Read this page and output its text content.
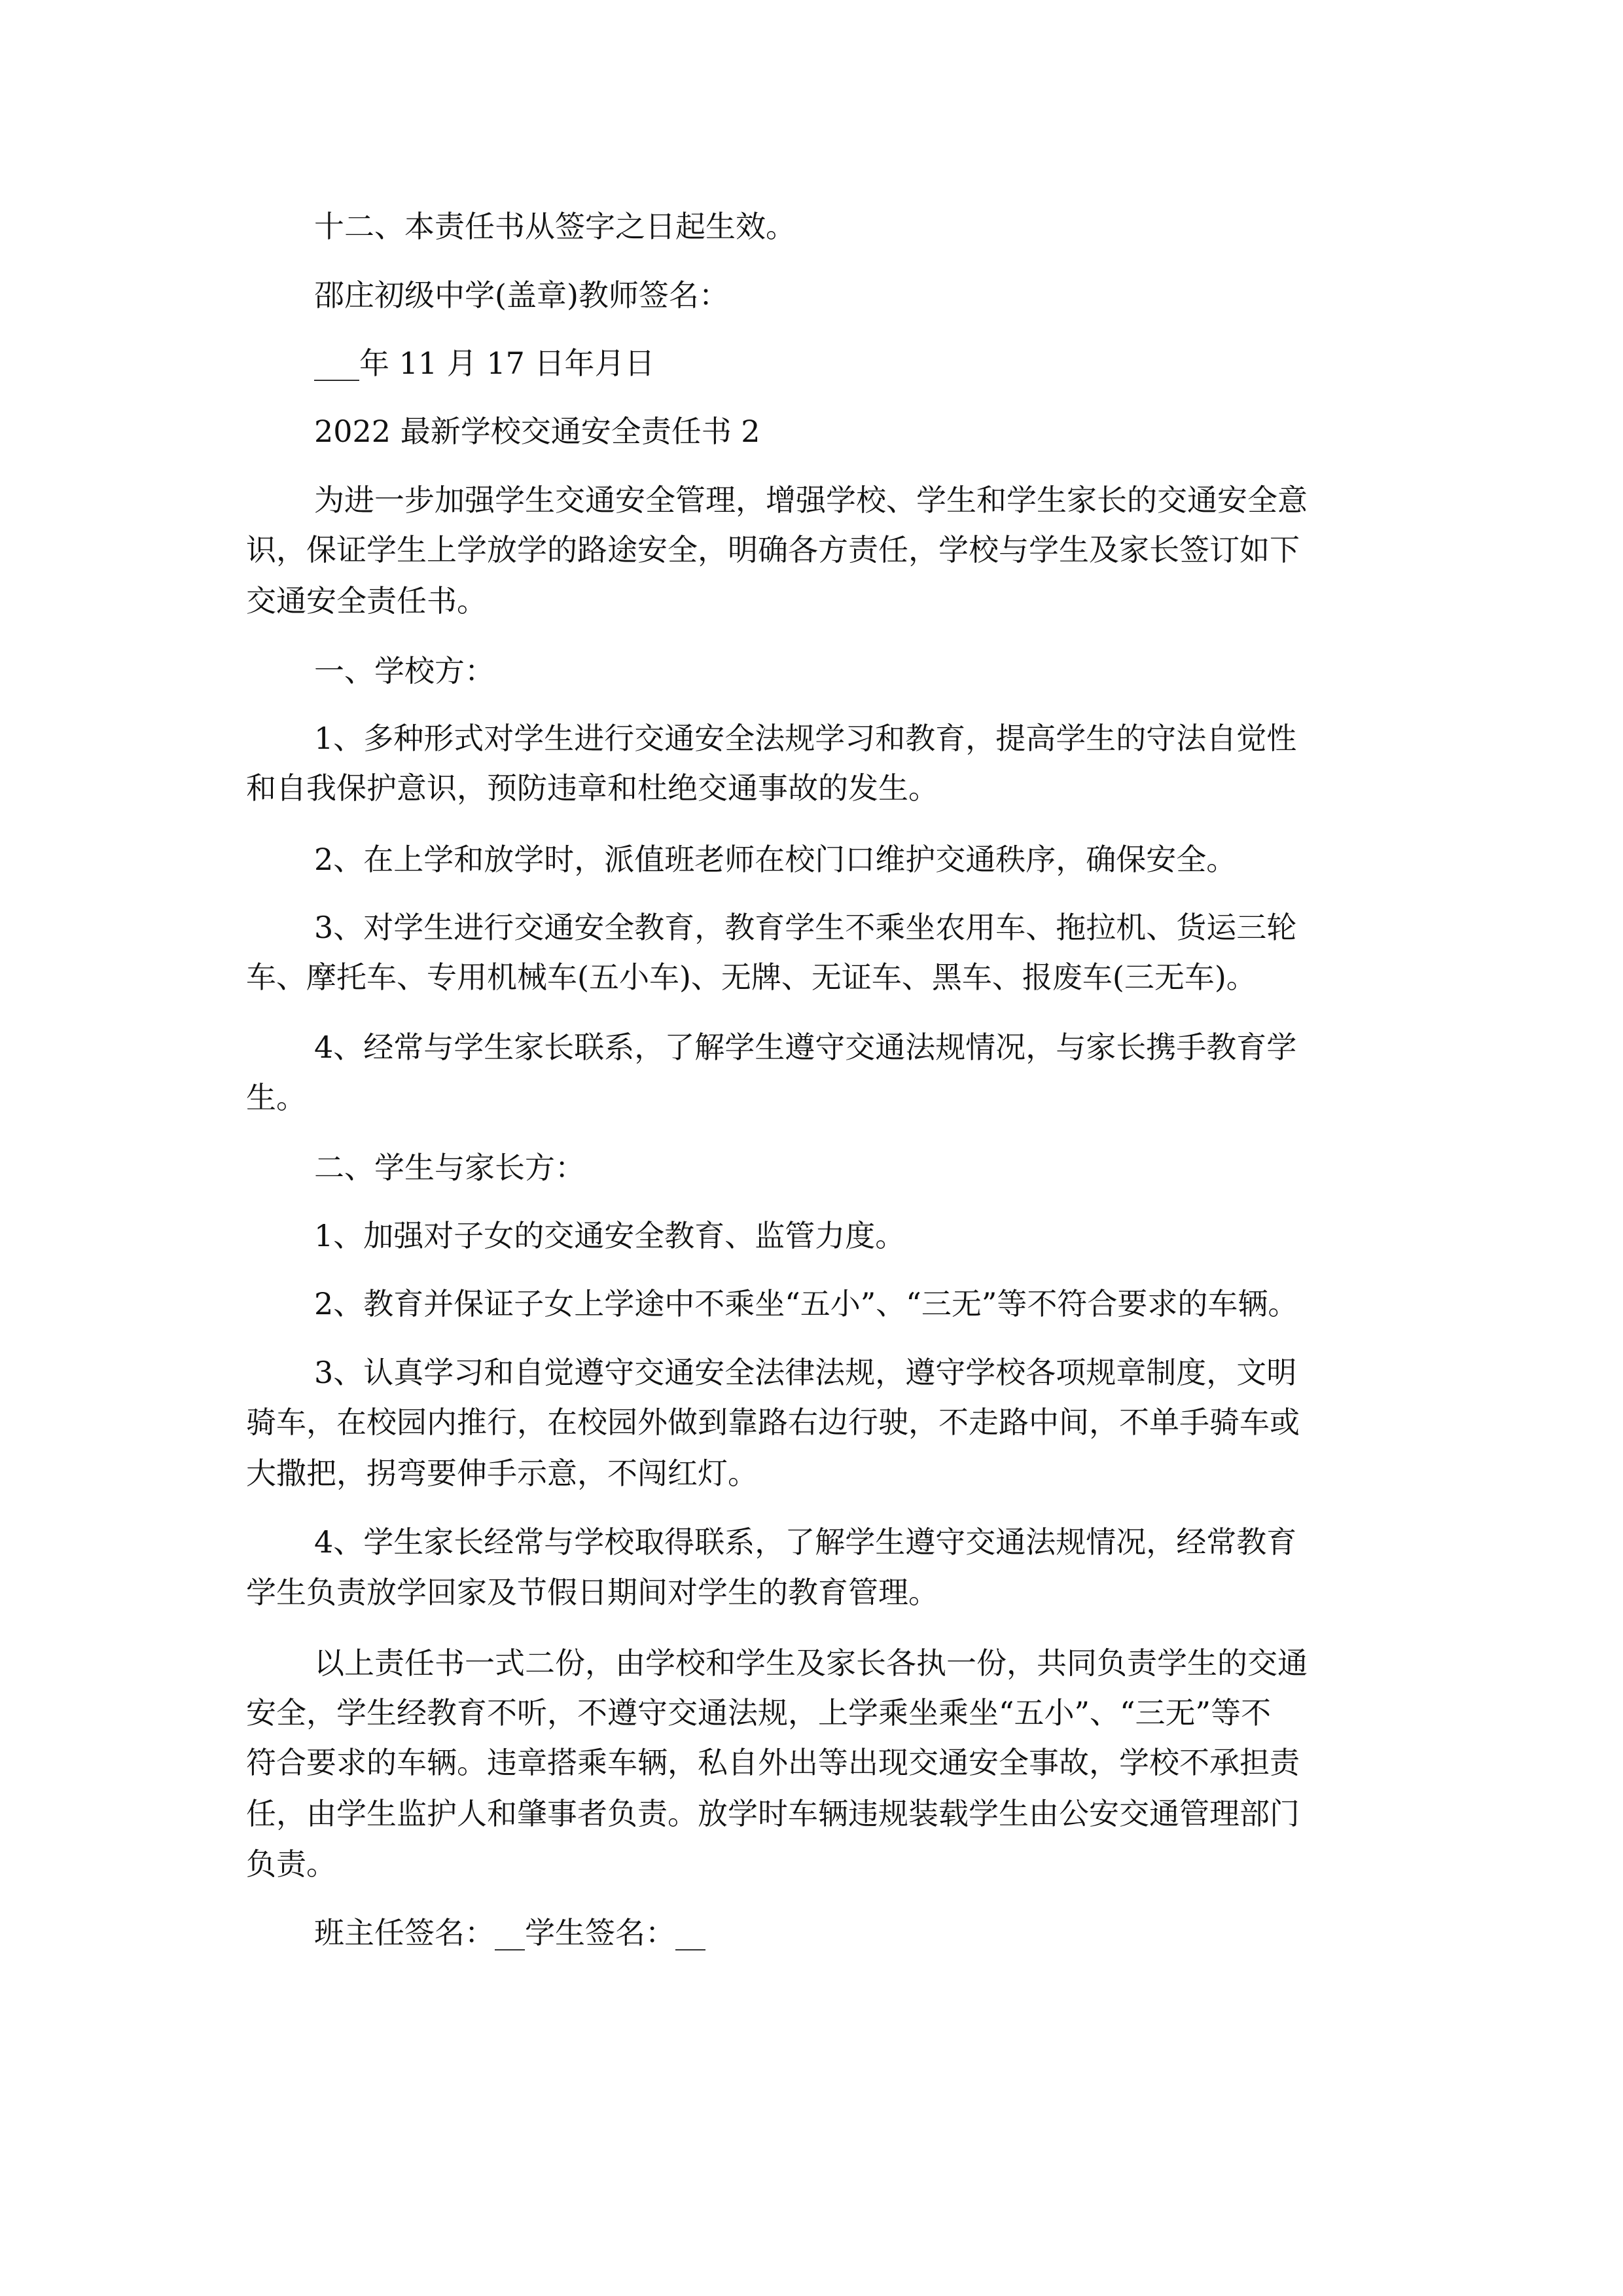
十二、本责任书从签字之日起生效。

邵庄初级中学(盖章)教师签名：

___年 11 月 17 日年月日

2022 最新学校交通安全责任书 2

为进一步加强学生交通安全管理，增强学校、学生和学生家长的交通安全意

识，保证学生上学放学的路途安全，明确各方责任，学校与学生及家长签订如下

交通安全责任书。

一、学校方：

1、多种形式对学生进行交通安全法规学习和教育，提高学生的守法自觉性

和自我保护意识，预防违章和杜绝交通事故的发生。

2、在上学和放学时，派值班老师在校门口维护交通秩序，确保安全。

3、对学生进行交通安全教育，教育学生不乘坐农用车、拖拉机、货运三轮

车、摩托车、专用机械车(五小车)、无牌、无证车、黑车、报废车(三无车)。

4、经常与学生家长联系，了解学生遵守交通法规情况，与家长携手教育学

生。

二、学生与家长方：

1、加强对子女的交通安全教育、监管力度。

2、教育并保证子女上学途中不乘坐“五小”、“三无”等不符合要求的车辆。

3、认真学习和自觉遵守交通安全法律法规，遵守学校各项规章制度，文明

骑车，在校园内推行，在校园外做到靠路右边行驶，不走路中间，不单手骑车或

大撒把，拐弯要伸手示意，不闯红灯。

4、学生家长经常与学校取得联系，了解学生遵守交通法规情况，经常教育

学生负责放学回家及节假日期间对学生的教育管理。

以上责任书一式二份，由学校和学生及家长各执一份，共同负责学生的交通

安全，学生经教育不听，不遵守交通法规，上学乘坐乘坐“五小”、“三无”等不

符合要求的车辆。违章搭乘车辆，私自外出等出现交通安全事故，学校不承担责

任，由学生监护人和肇事者负责。放学时车辆违规装载学生由公安交通管理部门

负责。

班主任签名：__学生签名：__
